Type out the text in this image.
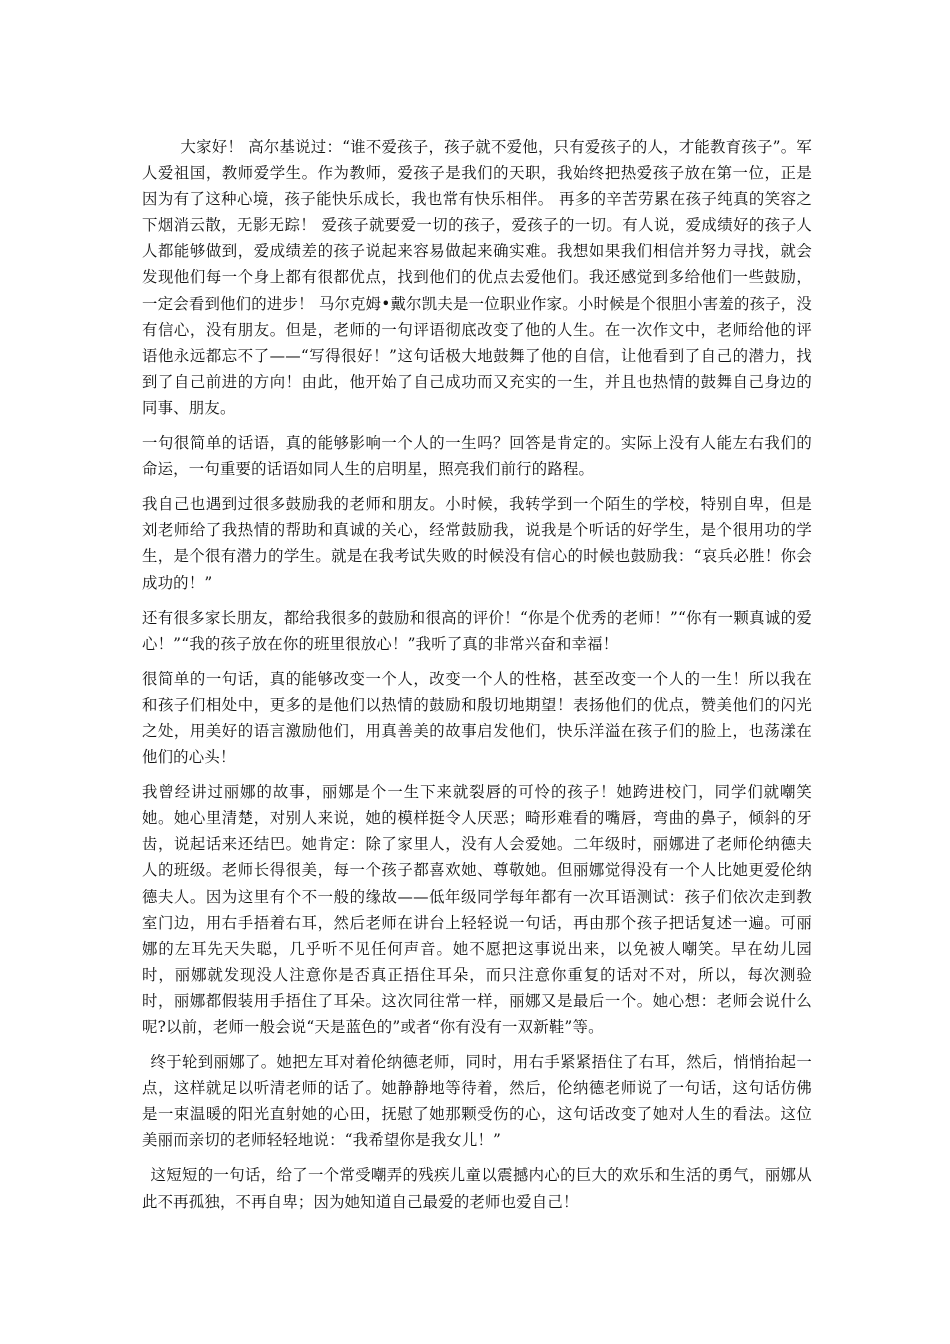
大家好！ 高尔基说过：“谁不爱孩子，孩子就不爱他，只有爱孩子的人，才能教育孩子”。军人爱祖国，教师爱学生。作为教师，爱孩子是我们的天职，我始终把热爱孩子放在第一位，正是因为有了这种心境，孩子能快乐成长，我也常有快乐相伴。 再多的辛苦劳累在孩子纯真的笑容之下烟消云散，无影无踪！ 爱孩子就要爱一切的孩子，爱孩子的一切。有人说，爱成绩好的孩子人人都能够做到，爱成绩差的孩子说起来容易做起来确实难。我想如果我们相信并努力寻找，就会发现他们每一个身上都有很都优点，找到他们的优点去爱他们。我还感觉到多给他们一些鼓励，一定会看到他们的进步！ 马尔克姆•戴尔凯夫是一位职业作家。小时候是个很胆小害羞的孩子，没有信心，没有朋友。但是，老师的一句评语彻底改变了他的人生。在一次作文中，老师给他的评语他永远都忘不了——“写得很好！”这句话极大地鼓舞了他的自信，让他看到了自己的潜力，找到了自己前进的方向！由此，他开始了自己成功而又充实的一生，并且也热情的鼓舞自己身边的同事、朋友。

一句很简单的话语，真的能够影响一个人的一生吗？回答是肯定的。实际上没有人能左右我们的命运，一句重要的话语如同人生的启明星，照亮我们前行的路程。

我自己也遇到过很多鼓励我的老师和朋友。小时候，我转学到一个陌生的学校，特别自卑，但是刘老师给了我热情的帮助和真诚的关心，经常鼓励我，说我是个听话的好学生，是个很用功的学生，是个很有潜力的学生。就是在我考试失败的时候没有信心的时候也鼓励我：“哀兵必胜！你会成功的！”

还有很多家长朋友，都给我很多的鼓励和很高的评价！“你是个优秀的老师！”“你有一颗真诚的爱心！”“我的孩子放在你的班里很放心！”我听了真的非常兴奋和幸福！

很简单的一句话，真的能够改变一个人，改变一个人的性格，甚至改变一个人的一生！所以我在和孩子们相处中，更多的是他们以热情的鼓励和殷切地期望！表扬他们的优点，赞美他们的闪光之处，用美好的语言激励他们，用真善美的故事启发他们，快乐洋溢在孩子们的脸上，也荡漾在他们的心头！

我曾经讲过丽娜的故事，丽娜是个一生下来就裂唇的可怜的孩子！她跨进校门，同学们就嘲笑她。她心里清楚，对别人来说，她的模样挺令人厌恶；畸形难看的嘴唇，弯曲的鼻子，倾斜的牙齿，说起话来还结巴。她肯定：除了家里人，没有人会爱她。二年级时，丽娜进了老师伦纳德夫人的班级。老师长得很美，每一个孩子都喜欢她、尊敬她。但丽娜觉得没有一个人比她更爱伦纳德夫人。因为这里有个不一般的缘故——低年级同学每年都有一次耳语测试：孩子们依次走到教室门边，用右手捂着右耳，然后老师在讲台上轻轻说一句话，再由那个孩子把话复述一遍。可丽娜的左耳先天失聪，几乎听不见任何声音。她不愿把这事说出来，以免被人嘲笑。早在幼儿园时，丽娜就发现没人注意你是否真正捂住耳朵，而只注意你重复的话对不对，所以，每次测验时，丽娜都假装用手捂住了耳朵。这次同往常一样，丽娜又是最后一个。她心想：老师会说什么呢?以前，老师一般会说“天是蓝色的”或者“你有没有一双新鞋”等。

终于轮到丽娜了。她把左耳对着伦纳德老师，同时，用右手紧紧捂住了右耳，然后，悄悄抬起一点，这样就足以听清老师的话了。她静静地等待着，然后，伦纳德老师说了一句话，这句话仿佛是一束温暖的阳光直射她的心田，抚慰了她那颗受伤的心，这句话改变了她对人生的看法。这位美丽而亲切的老师轻轻地说：“我希望你是我女儿！”

这短短的一句话，给了一个常受嘲弄的残疾儿童以震撼内心的巨大的欢乐和生活的勇气，丽娜从此不再孤独，不再自卑；因为她知道自己最爱的老师也爱自己！
